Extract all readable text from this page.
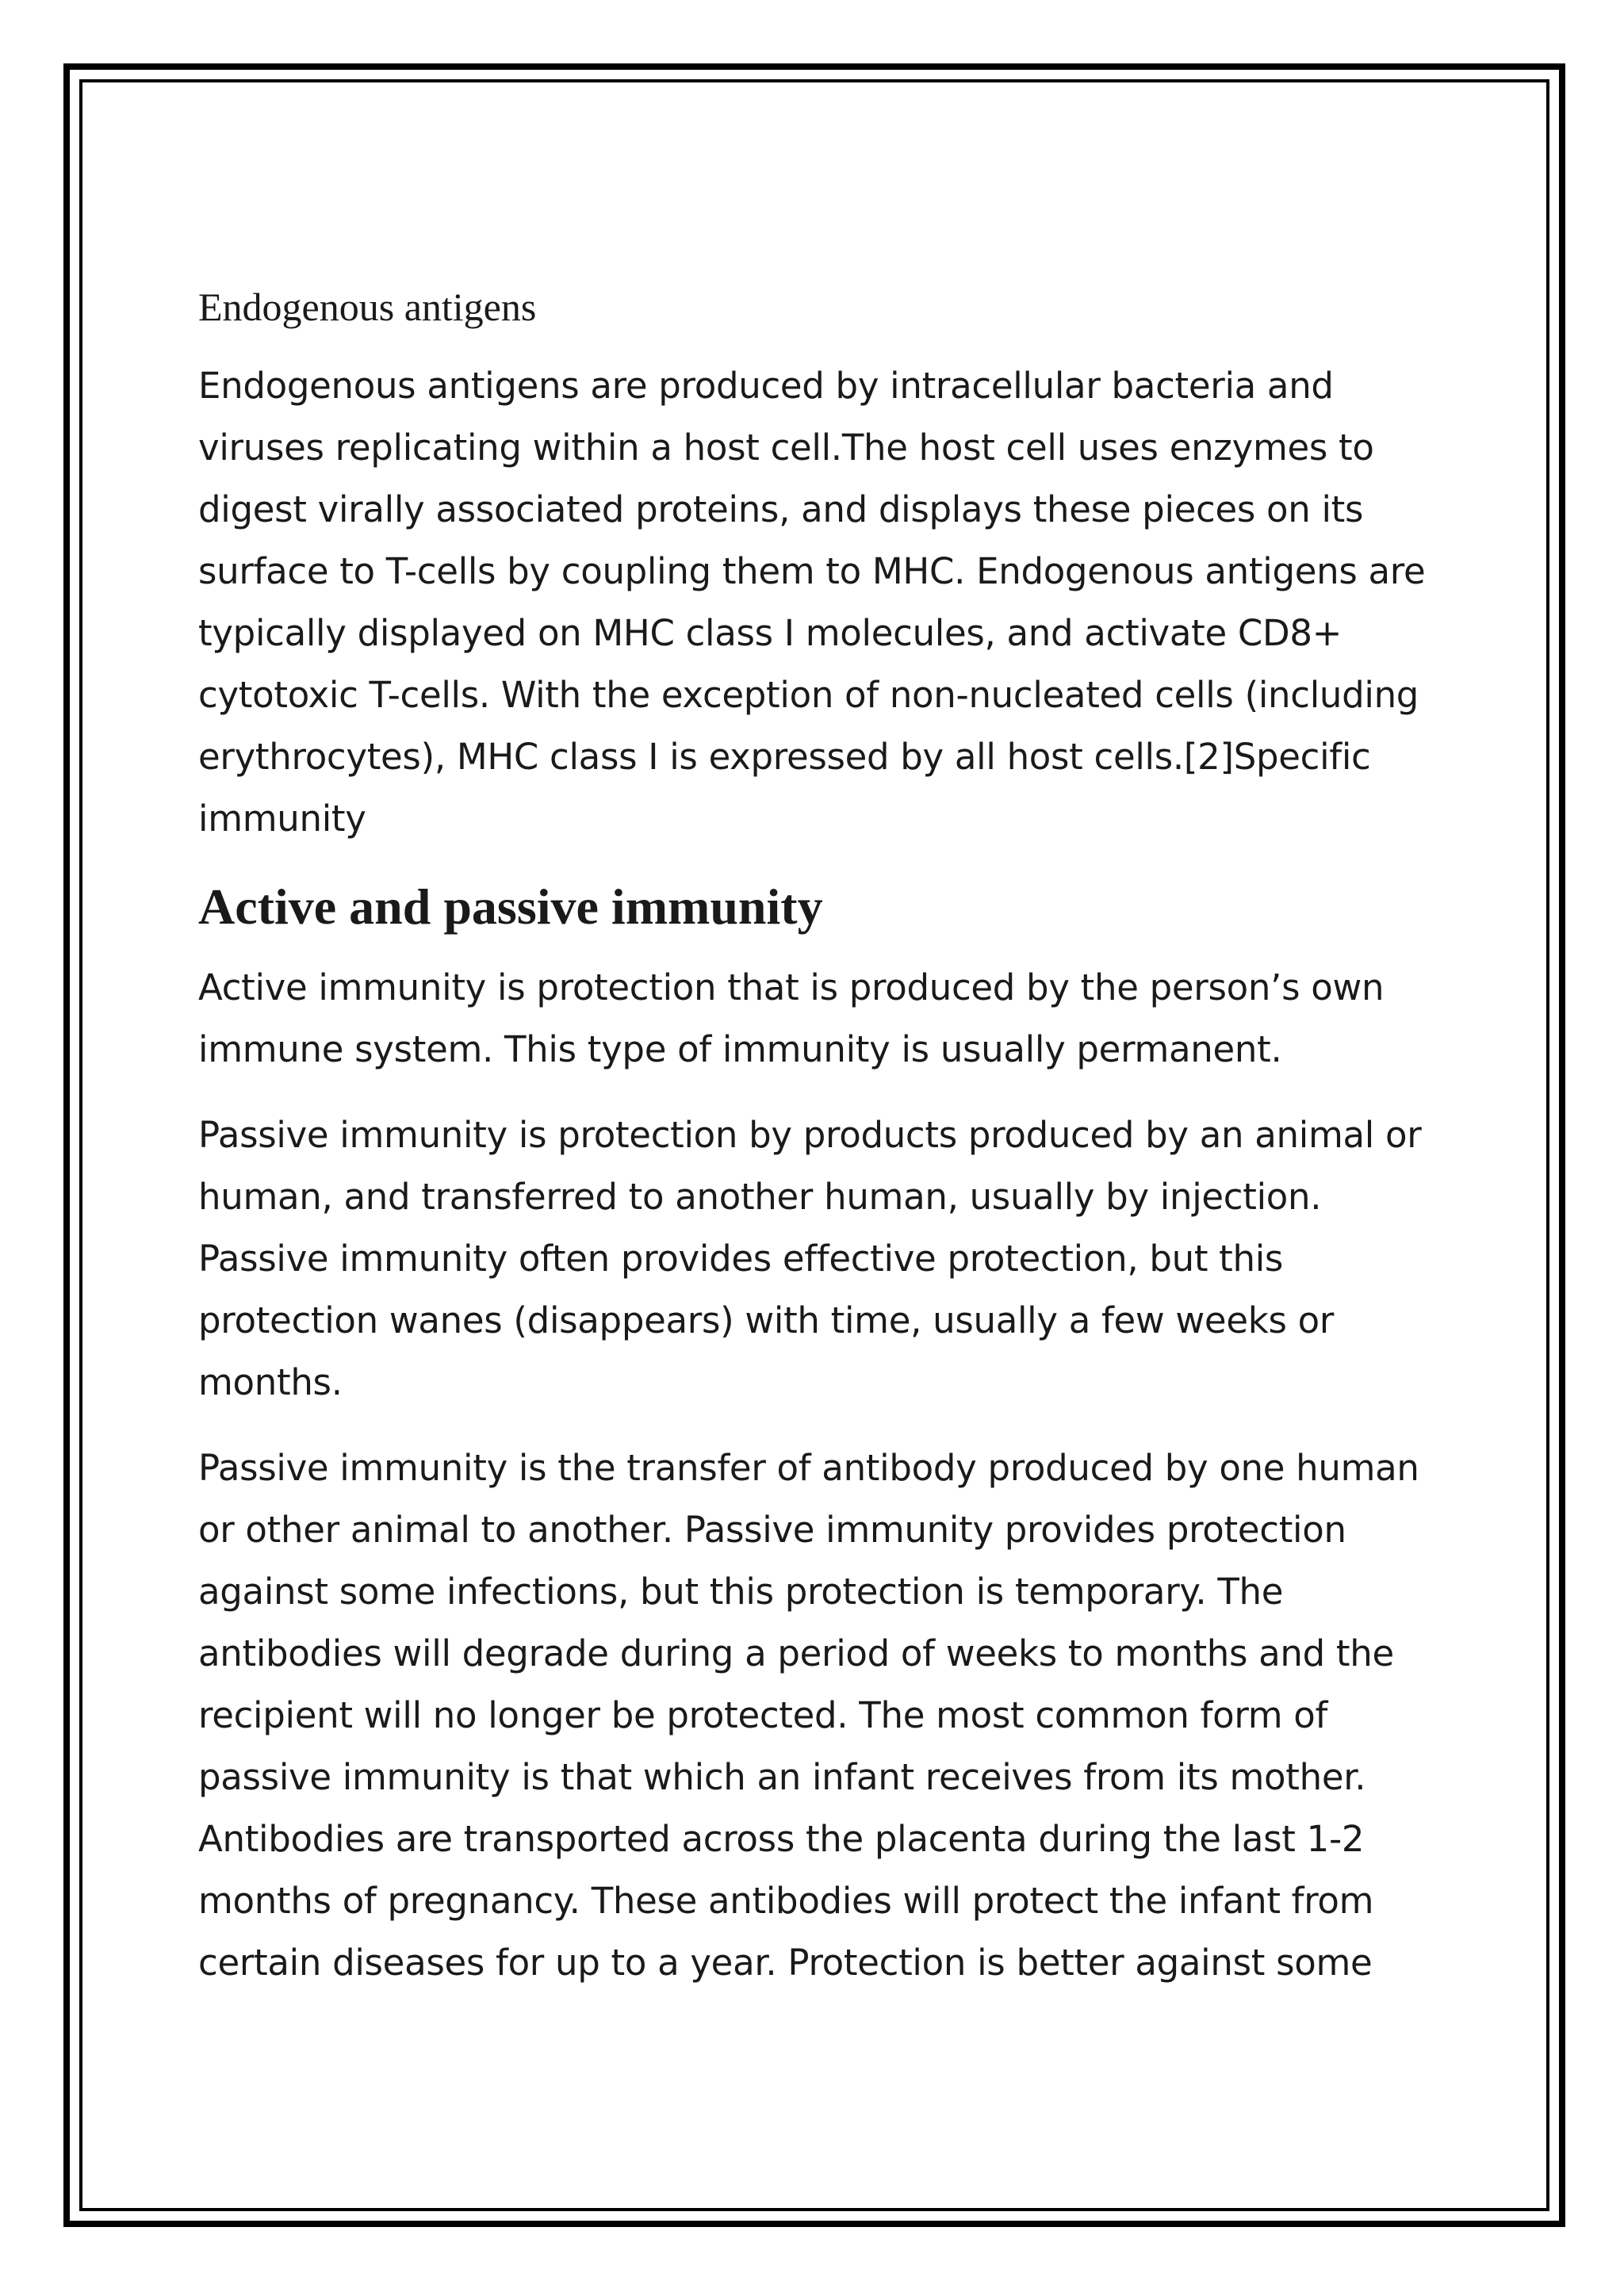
Endogenous antigens

Endogenous antigens are produced by intracellular bacteria and viruses replicating within a host cell.The host cell uses enzymes to digest virally associated proteins, and displays these pieces on its surface to T-cells by coupling them to MHC. Endogenous antigens are typically displayed on MHC class I molecules, and activate CD8+ cytotoxic T-cells. With the exception of non-nucleated cells (including erythrocytes), MHC class I is expressed by all host cells.[2]Specific immunity

Active and passive immunity

Active immunity is protection that is produced by the person’s own immune system. This type of immunity is usually permanent.

Passive immunity is protection by products produced by an animal or human, and transferred to another human, usually by injection. Passive immunity often provides effective protection, but this protection wanes (disappears) with time, usually a few weeks or months.

Passive immunity is the transfer of antibody produced by one human or other animal to another. Passive immunity provides protection against some infections, but this protection is temporary. The antibodies will degrade during a period of weeks to months and the recipient will no longer be protected. The most common form of passive immunity is that which an infant receives from its mother. Antibodies are transported across the placenta during the last 1-2 months of pregnancy. These antibodies will protect the infant from certain diseases for up to a year. Protection is better against some
